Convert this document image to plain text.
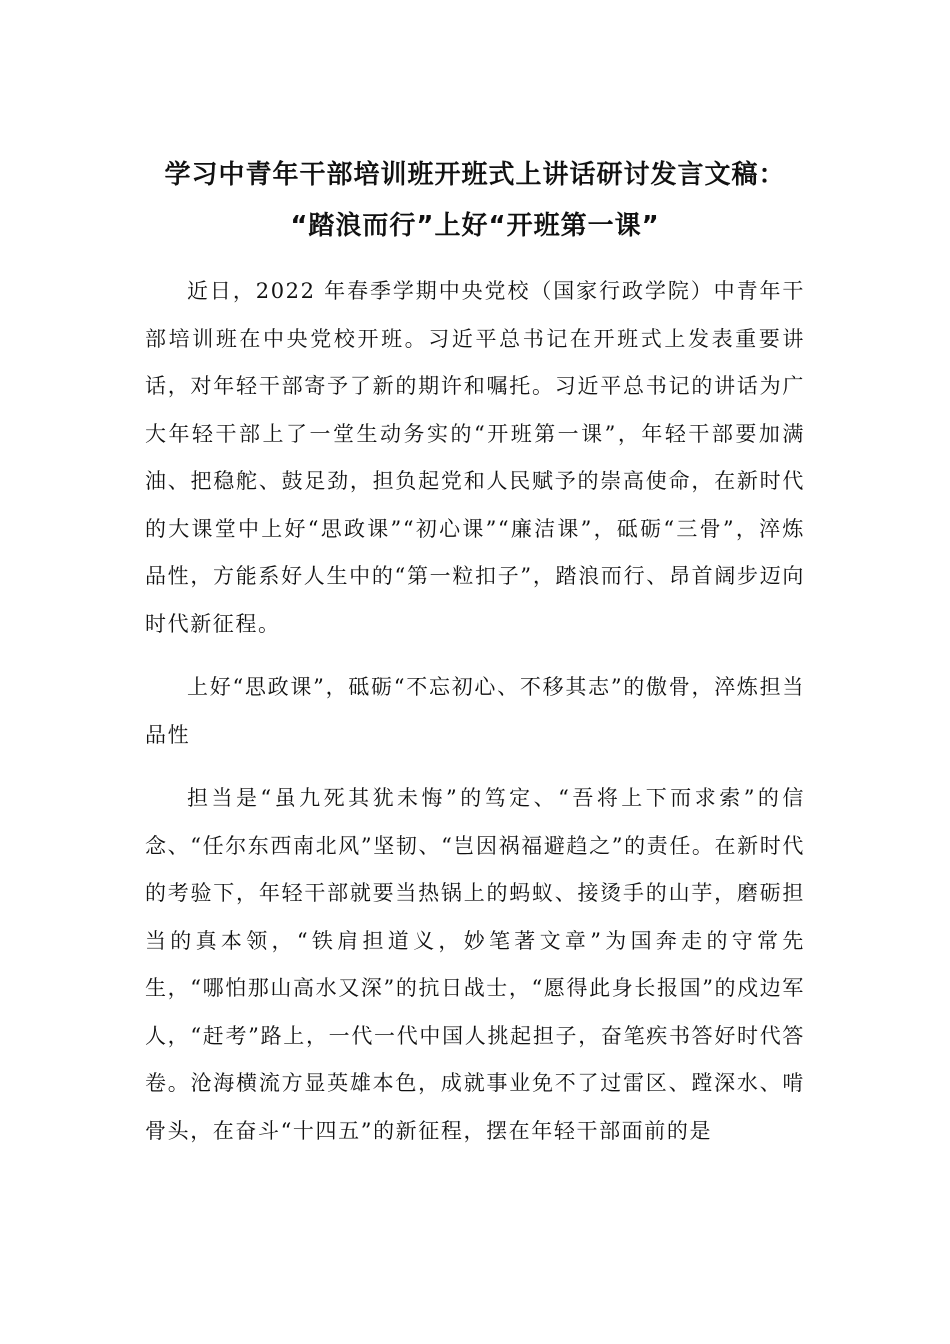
学习中青年干部培训班开班式上讲话研讨发言文稿：
“踏浪而行”上好“开班第一课”

近日，2022 年春季学期中央党校（国家行政学院）中青年干部培训班在中央党校开班。习近平总书记在开班式上发表重要讲话，对年轻干部寄予了新的期许和嘱托。习近平总书记的讲话为广大年轻干部上了一堂生动务实的“开班第一课”，年轻干部要加满油、把稳舵、鼓足劲，担负起党和人民赋予的崇高使命，在新时代的大课堂中上好“思政课”“初心课”“廉洁课”，砥砺“三骨”，淬炼品性，方能系好人生中的“第一粒扣子”，踏浪而行、昂首阔步迈向时代新征程。

上好“思政课”，砥砺“不忘初心、不移其志”的傲骨，淬炼担当品性

担当是“虽九死其犹未悔”的笃定、“吾将上下而求索”的信念、“任尔东西南北风”坚韧、“岂因祸福避趋之”的责任。在新时代的考验下，年轻干部就要当热锅上的蚂蚁、接烫手的山芋，磨砺担当的真本领，“铁肩担道义，妙笔著文章”为国奔走的守常先生，“哪怕那山高水又深”的抗日战士，“愿得此身长报国”的戍边军人，“赶考”路上，一代一代中国人挑起担子，奋笔疾书答好时代答卷。沧海横流方显英雄本色，成就事业免不了过雷区、蹚深水、啃骨头，在奋斗“十四五”的新征程，摆在年轻干部面前的是
